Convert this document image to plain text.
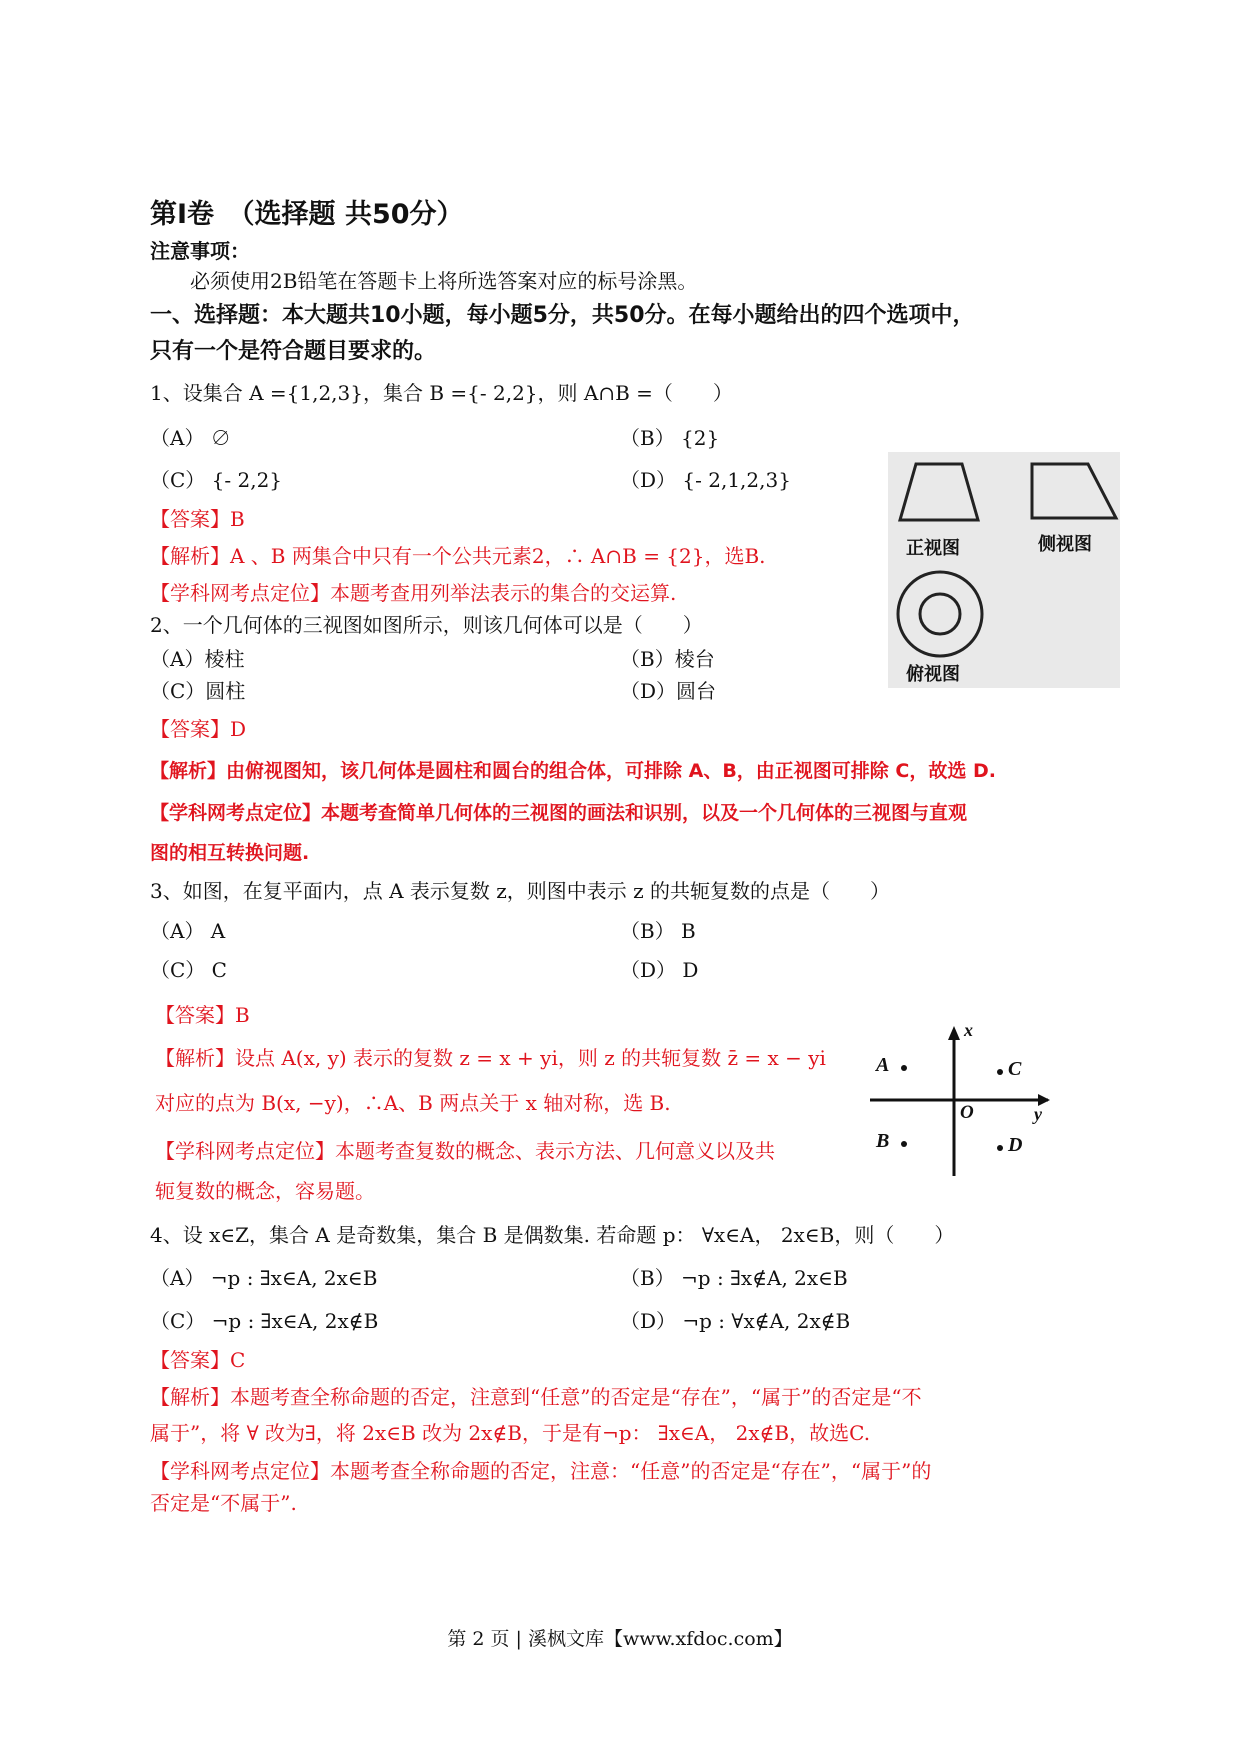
第Ⅰ卷　（选择题 共50分）
注意事项：
必须使用2B铅笔在答题卡上将所选答案对应的标号涂黑。
一、选择题：本大题共10小题，每小题5分，共50分。在每小题给出的四个选项中，
只有一个是符合题目要求的。
1、设集合 A ={1,2,3}，集合 B ={- 2,2}，则 A∩B =（　　）
（A） ∅	（B） {2}
（C） {- 2,2}	（D） {- 2,1,2,3}
【答案】B
【解析】A 、B 两集合中只有一个公共元素2，∴ A∩B = {2}，选B.
【学科网考点定位】本题考查用列举法表示的集合的交运算.
正视图	侧视图
俯视图
2、一个几何体的三视图如图所示，则该几何体可以是（　　）
（A）棱柱	（B）棱台
（C）圆柱	（D）圆台
【答案】D
【解析】由俯视图知，该几何体是圆柱和圆台的组合体，可排除 A、B，由正视图可排除 C，故选 D.
【学科网考点定位】本题考查简单几何体的三视图的画法和识别，以及一个几何体的三视图与直观
图的相互转换问题.
3、如图，在复平面内，点 A 表示复数 z，则图中表示 z 的共轭复数的点是（　　）
（A） A	（B） B
（C） C	（D） D
【答案】B
【解析】设点 A(x, y) 表示的复数 z = x + yi，则 z 的共轭复数 z̄ = x − yi
对应的点为 B(x, −y)，∴A、B 两点关于 x 轴对称，选 B.
【学科网考点定位】本题考查复数的概念、表示方法、几何意义以及共
轭复数的概念，容易题。
x
y
O
A	C
B	D
4、设 x∈Z，集合 A 是奇数集，集合 B 是偶数集. 若命题 p： ∀x∈A， 2x∈B，则（　　）
（A） ¬p : ∃x∈A, 2x∈B	（B） ¬p : ∃x∉A, 2x∈B
（C） ¬p : ∃x∈A, 2x∉B	（D） ¬p : ∀x∉A, 2x∉B
【答案】C
【解析】本题考查全称命题的否定，注意到“任意”的否定是“存在”，“属于”的否定是“不
属于”，将 ∀ 改为∃，将 2x∈B 改为 2x∉B，于是有¬p： ∃x∈A， 2x∉B，故选C.
【学科网考点定位】本题考查全称命题的否定，注意：“任意”的否定是“存在”，“属于”的
否定是“不属于”.
第 2 页 | 溪枫文库【www.xfdoc.com】
